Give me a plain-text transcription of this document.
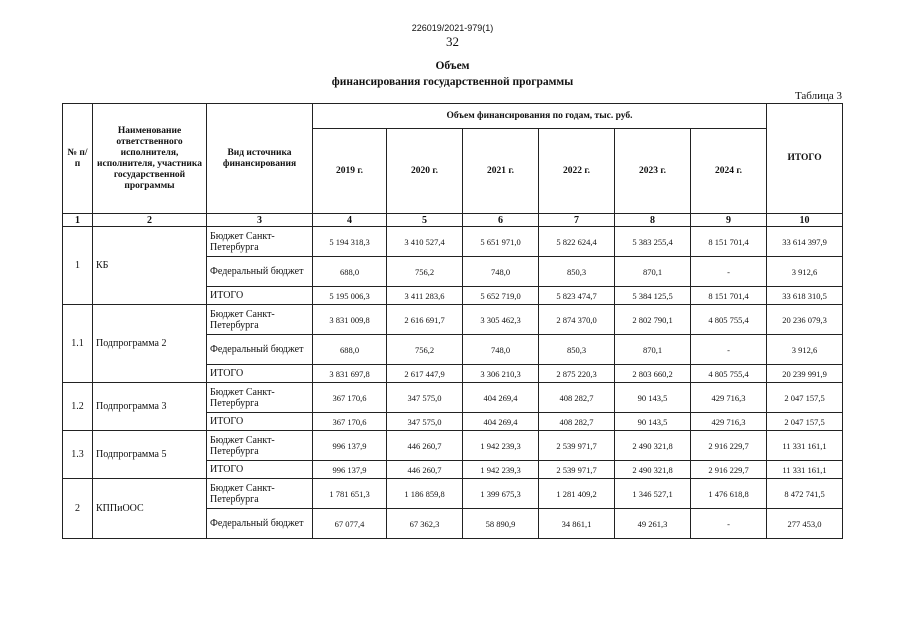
226019/2021-979(1)
32
Объем
финансирования государственной программы
Таблица 3
№ п/п	Наименование ответственного исполнителя, исполнителя, участника государственной программы	Вид источника финансирования	Объем финансирования по годам, тыс. руб.						ИТОГО
			2019 г.	2020 г.	2021 г.	2022 г.	2023 г.	2024 г.	
1	2	3	4	5	6	7	8	9	10
1	КБ	Бюджет Санкт-Петербурга	5 194 318,3	3 410 527,4	5 651 971,0	5 822 624,4	5 383 255,4	8 151 701,4	33 614 397,9
		Федеральный бюджет	688,0	756,2	748,0	850,3	870,1	-	3 912,6
		ИТОГО	5 195 006,3	3 411 283,6	5 652 719,0	5 823 474,7	5 384 125,5	8 151 701,4	33 618 310,5
1.1	Подпрограмма 2	Бюджет Санкт-Петербурга	3 831 009,8	2 616 691,7	3 305 462,3	2 874 370,0	2 802 790,1	4 805 755,4	20 236 079,3
		Федеральный бюджет	688,0	756,2	748,0	850,3	870,1	-	3 912,6
		ИТОГО	3 831 697,8	2 617 447,9	3 306 210,3	2 875 220,3	2 803 660,2	4 805 755,4	20 239 991,9
1.2	Подпрограмма 3	Бюджет Санкт-Петербурга	367 170,6	347 575,0	404 269,4	408 282,7	90 143,5	429 716,3	2 047 157,5
		ИТОГО	367 170,6	347 575,0	404 269,4	408 282,7	90 143,5	429 716,3	2 047 157,5
1.3	Подпрограмма 5	Бюджет Санкт-Петербурга	996 137,9	446 260,7	1 942 239,3	2 539 971,7	2 490 321,8	2 916 229,7	11 331 161,1
		ИТОГО	996 137,9	446 260,7	1 942 239,3	2 539 971,7	2 490 321,8	2 916 229,7	11 331 161,1
2	КППиООС	Бюджет Санкт-Петербурга	1 781 651,3	1 186 859,8	1 399 675,3	1 281 409,2	1 346 527,1	1 476 618,8	8 472 741,5
		Федеральный бюджет	67 077,4	67 362,3	58 890,9	34 861,1	49 261,3	-	277 453,0
